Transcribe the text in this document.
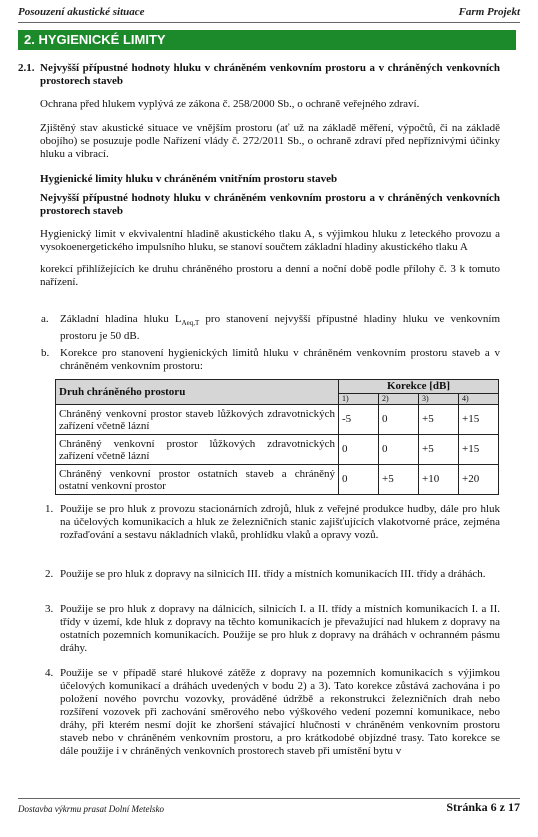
Posouzení akustické situace	Farm Projekt
2. HYGIENICKÉ LIMITY
2.1. Nejvyšší přípustné hodnoty hluku v chráněném venkovním prostoru a v chráněných venkovních prostorech staveb

Ochrana před hlukem vyplývá ze zákona č. 258/2000 Sb., o ochraně veřejného zdraví.

Zjištěný stav akustické situace ve vnějším prostoru (ať už na základě měření, výpočtů, či na základě obojího) se posuzuje podle Nařízení vlády č. 272/2011 Sb., o ochraně zdraví před nepříznivými účinky hluku a vibrací.

Hygienické limity hluku v chráněném vnitřním prostoru staveb

Nejvyšší přípustné hodnoty hluku v chráněném venkovním prostoru a v chráněných venkovních prostorech staveb

Hygienický limit v ekvivalentní hladině akustického tlaku A, s výjimkou hluku z leteckého provozu a vysokoenergetického impulsního hluku, se stanoví součtem základní hladiny akustického tlaku A

korekcí přihlížejících ke druhu chráněného prostoru a denní a noční době podle přílohy č. 3 k tomuto nařízení.

a. Základní hladina hluku $L_{Aeq,T}$ pro stanovení nejvyšší přípustné hladiny hluku ve venkovním prostoru je 50 dB.

b. Korekce pro stanovení hygienických limitů hluku v chráněném venkovním prostoru staveb a v chráněném venkovním prostoru:

Druh chráněného prostoru	Korekce [dB]			
	1)	2)	3)	4)
Chráněný venkovní prostor staveb lůžkových zdravotnických zařízení včetně lázní	-5	0	+5	+15
Chráněný venkovní prostor lůžkových zdravotnických zařízení včetně lázní	0	0	+5	+15
Chráněný venkovní prostor ostatních staveb a chráněný ostatní venkovní prostor	0	+5	+10	+20
1. Použije se pro hluk z provozu stacionárních zdrojů, hluk z veřejné produkce hudby, dále pro hluk na účelových komunikacích a hluk ze železničních stanic zajišťujících vlakotvorné práce, zejména rozřaďování a sestavu nákladních vlaků, prohlídku vlaků a opravy vozů.

2. Použije se pro hluk z dopravy na silnicích III. třídy a místních komunikacích III. třídy a dráhách.

3. Použije se pro hluk z dopravy na dálnicích, silnicích I. a II. třídy a místních komunikacích I. a II. třídy v území, kde hluk z dopravy na těchto komunikacích je převažující nad hlukem z dopravy na ostatních pozemních komunikacích. Použije se pro hluk z dopravy na dráhách v ochranném pásmu dráhy.

4. Použije se v případě staré hlukové zátěže z dopravy na pozemních komunikacích s výjimkou účelových komunikací a dráhách uvedených v bodu 2) a 3). Tato korekce zůstává zachována i po položení nového povrchu vozovky, prováděné údržbě a rekonstrukci železničních drah nebo rozšíření vozovek při zachování směrového nebo výškového vedení pozemní komunikace, nebo dráhy, při kterém nesmí dojít ke zhoršení stávající hlučnosti v chráněném venkovním prostoru staveb nebo v chráněném venkovním prostoru, a pro krátkodobé objízdné trasy. Tato korekce se dále použije i v chráněných venkovních prostorech staveb při umístění bytu v

Dostavba výkrmu prasat Dolní Metelsko	Stránka 6 z 17
